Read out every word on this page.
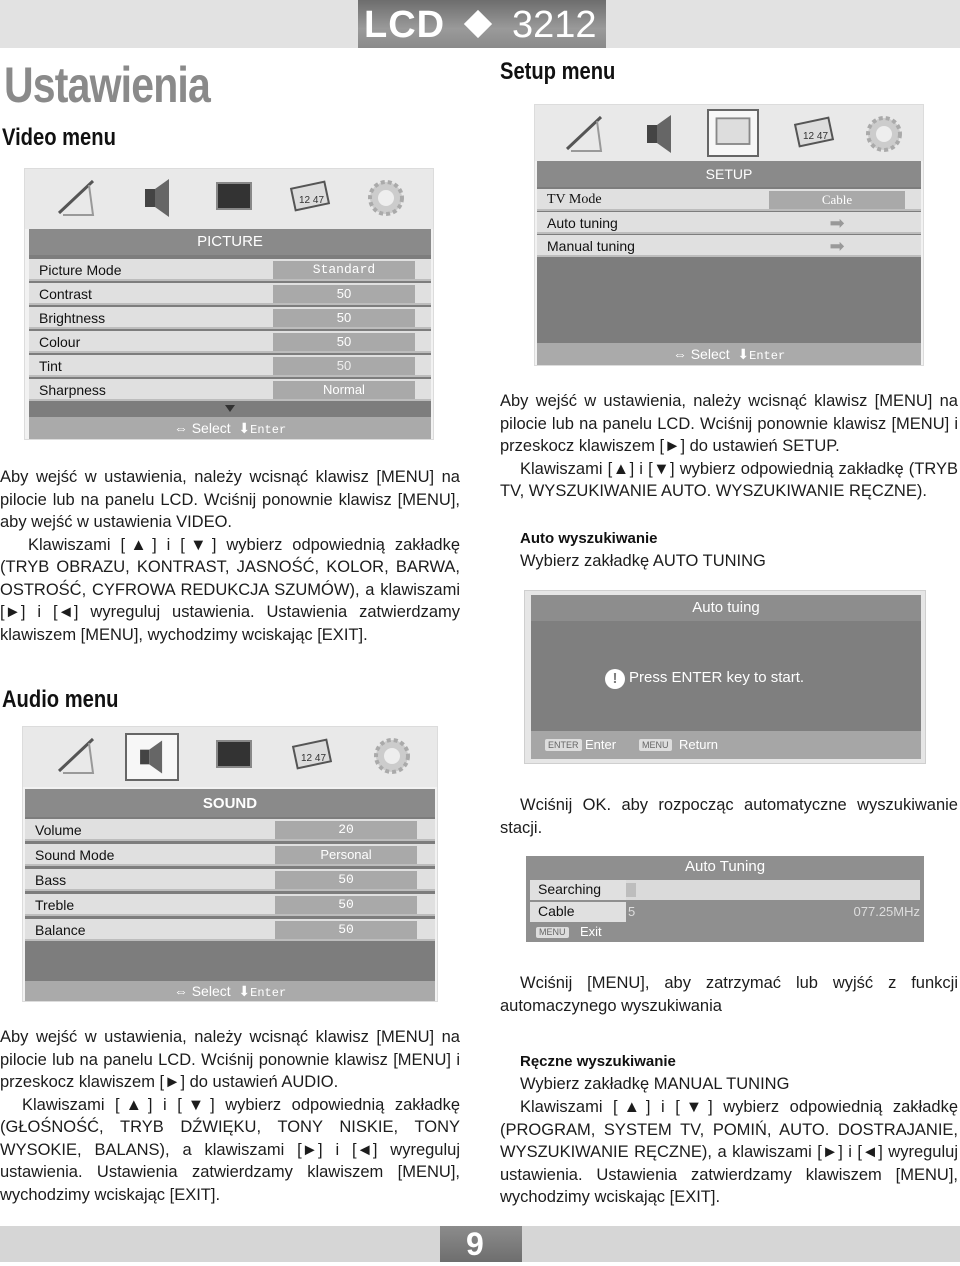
LCD 3212
Ustawienia
Video menu
Setup menu
12 47
PICTURE
Picture Mode	Standard
Contrast	50
Brightness	50
Colour	50
Tint	50
Sharpness	Normal
⇔ Select ⬇Enter

Aby wejść w ustawienia, należy wcisnąć klawisz [MENU] na pilocie lub na panelu LCD. Wciśnij ponownie klawisz [MENU], aby wejść w ustawienia VIDEO.

Klawiszami [▲] i [▼] wybierz odpowiednią zakładkę (TRYB OBRAZU, KONTRAST, JASNOŚĆ, KOLOR, BARWA, OSTROŚĆ, CYFROWA REDUKCJA SZUMÓW), a klawiszami [►] i [◄] wyreguluj ustawienia. Ustawienia zatwierdzamy klawiszem [MENU], wychodzimy wciskając [EXIT].

Audio menu
12 47
SOUND
Volume	20
Sound Mode	Personal
Bass	50
Treble	50
Balance	50
⇔ Select ⬇Enter

Aby wejść w ustawienia, należy wcisnąć klawisz [MENU] na pilocie lub na panelu LCD. Wciśnij ponownie klawisz [MENU] i przeskocz klawiszem [►] do ustawień AUDIO.

Klawiszami [▲] i [▼] wybierz odpowiednią zakładkę (GŁOŚNOŚĆ, TRYB DŹWIĘKU, TONY NISKIE, TONY WYSOKIE, BALANS), a klawiszami [►] i [◄] wyreguluj ustawienia. Ustawienia zatwierdzamy klawiszem [MENU], wychodzimy wciskając [EXIT].

12 47
SETUP
TV Mode	Cable
Auto tuning	➡
Manual tuning	➡
⇔ Select ⬇Enter

Aby wejść w ustawienia, należy wcisnąć klawisz [MENU] na pilocie lub na panelu LCD. Wciśnij ponownie klawisz [MENU] i przeskocz klawiszem [►] do ustawień SETUP.

Klawiszami [▲] i [▼] wybierz odpowiednią zakładkę (TRYB TV, WYSZUKIWANIE AUTO. WYSZUKIWANIE RĘCZNE).

Auto wyszukiwanie
Wybierz zakładkę AUTO TUNING
Auto tuing
! Press ENTER key to start.
ENTER Enter	MENU Return
Wciśnij OK. aby rozpocząc automatyczne wyszukiwanie stacji.
Auto Tuning
Searching
Cable	5	077.25MHz
MENU Exit
Wciśnij [MENU], aby zatrzymać lub wyjść z funkcji automaczynego wyszukiwania
Ręczne wyszukiwanie
Wybierz zakładkę MANUAL TUNING
Klawiszami [▲] i [▼] wybierz odpowiednią zakładkę (PROGRAM, SYSTEM TV, POMIŃ, AUTO. DOSTRAJANIE, WYSZUKIWANIE RĘCZNE), a klawiszami [►] i [◄] wyreguluj ustawienia. Ustawienia zatwierdzamy klawiszem [MENU], wychodzimy wciskając [EXIT].
9
